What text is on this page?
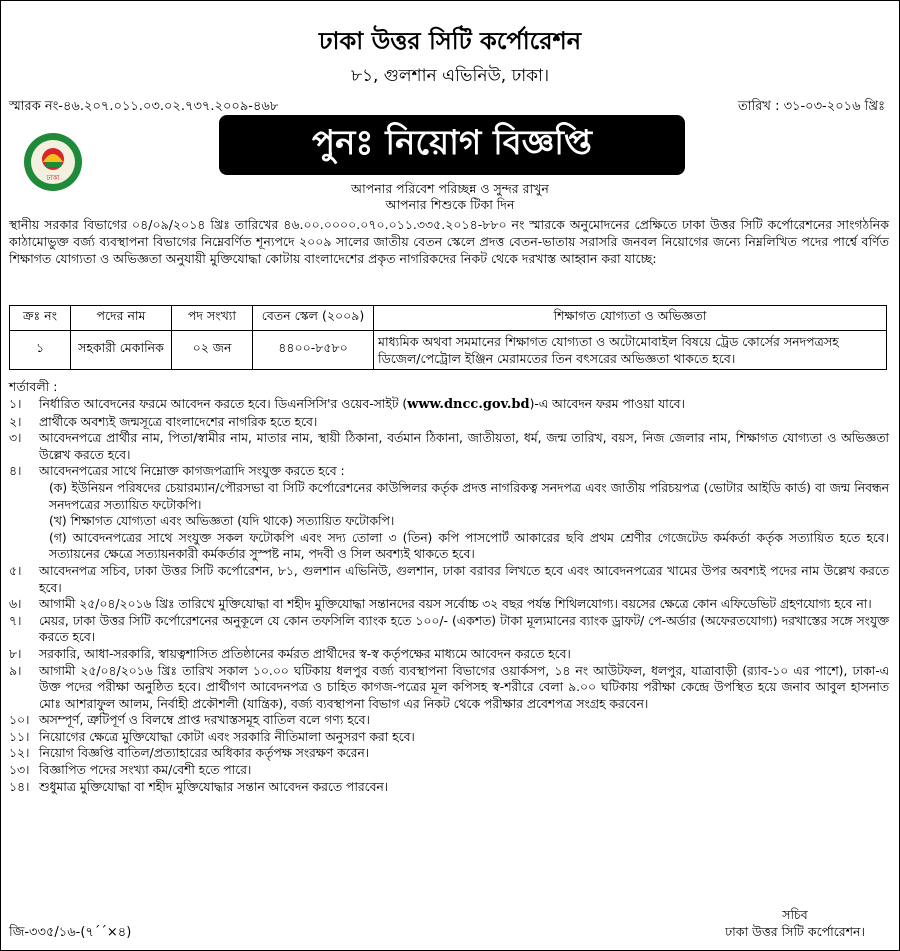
ঢাকা উত্তর সিটি কর্পোরেশন
৮১, গুলশান এভিনিউ, ঢাকা।
স্মারক নং-৪৬.২০৭.০১১.০৩.০২.৭৩৭.২০০৯-৪৬৮	তারিখ : ৩১-০৩-২০১৬ খ্রিঃ
ঢাকা
পুনঃ নিয়োগ বিজ্ঞপ্তি
আপনার পরিবেশ পরিচ্ছন্ন ও সুন্দর রাখুন
আপনার শিশুকে টিকা দিন

স্থানীয় সরকার বিভাগের ০৪/০৯/২০১৪ খ্রিঃ তারিখের ৪৬.০০.০০০০.০৭০.০১১.৩৩৫.২০১৪-৮৮০ নং স্মারকে অনুমোদনের প্রেক্ষিতে ঢাকা উত্তর সিটি কর্পোরেশনের সাংগঠনিক কাঠামোভুক্ত বর্জ্য ব্যবস্থাপনা বিভাগের নিম্নেবর্ণিত শূন্যপদে ২০০৯ সালের জাতীয় বেতন স্কেলে প্রদত্ত বেতন-ভাতায় সরাসরি জনবল নিয়োগের জন্যে নিম্নলিখিত পদের পার্শ্বে বর্ণিত শিক্ষাগত যোগ্যতা ও অভিজ্ঞতা অনুযায়ী মুক্তিযোদ্ধা কোটায় বাংলাদেশের প্রকৃত নাগরিকদের নিকট থেকে দরখাস্ত আহ্বান করা যাচ্ছে:

ক্রঃ নং	পদের নাম	পদ সংখ্যা	বেতন স্কেল (২০০৯)	শিক্ষাগত যোগ্যতা ও অভিজ্ঞতা
১	সহকারী মেকানিক	০২ জন	৪৪০০-৮৫৮০	মাধ্যমিক অথবা সমমানের শিক্ষাগত যোগ্যতা ও অটোমোবাইল বিষয়ে ট্রেড কোর্সের সনদপত্রসহ ডিজেল/পেট্রোল ইঞ্জিন মেরামতের তিন বৎসরের অভিজ্ঞতা থাকতে হবে।
শর্তাবলী :
১।	নির্ধারিত আবেদনের ফরমে আবেদন করতে হবে। ডিএনসিসি'র ওয়েব-সাইট (www.dncc.gov.bd)-এ আবেদন ফরম পাওয়া যাবে।
২।	প্রার্থীকে অবশ্যই জন্মসূত্রে বাংলাদেশের নাগরিক হতে হবে।
৩।	আবেদনপত্রে প্রার্থীর নাম, পিতা/স্বামীর নাম, মাতার নাম, স্থায়ী ঠিকানা, বর্তমান ঠিকানা, জাতীয়তা, ধর্ম, জন্ম তারিখ, বয়স, নিজ জেলার নাম, শিক্ষাগত যোগ্যতা ও অভিজ্ঞতা উল্লেখ করতে হবে।
৪।	আবেদনপত্রের সাথে নিম্নোক্ত কাগজপত্রাদি সংযুক্ত করতে হবে :
(ক) ইউনিয়ন পরিষদের চেয়ারম্যান/পৌরসভা বা সিটি কর্পোরেশনের কাউন্সিলর কর্তৃক প্রদত্ত নাগরিকত্ব সনদপত্র এবং জাতীয় পরিচয়পত্র (ভোটার আইডি কার্ড) বা জন্ম নিবন্ধন সনদপত্রের সত্যায়িত ফটোকপি।
(খ) শিক্ষাগত যোগ্যতা এবং অভিজ্ঞতা (যদি থাকে) সত্যায়িত ফটোকপি।
(গ) আবেদনপত্রের সাথে সংযুক্ত সকল ফটোকপি এবং সদ্য তোলা ৩ (তিন) কপি পাসপোর্ট আকারের ছবি প্রথম শ্রেণীর গেজেটেড কর্মকর্তা কর্তৃক সত্যায়িত হতে হবে। সত্যায়নের ক্ষেত্রে সত্যায়নকারী কর্মকর্তার সুস্পষ্ট নাম, পদবী ও সিল অবশ্যই থাকতে হবে।
৫।	আবেদনপত্র সচিব, ঢাকা উত্তর সিটি কর্পোরেশন, ৮১, গুলশান এভিনিউ, গুলশান, ঢাকা বরাবর লিখতে হবে এবং আবেদনপত্রের খামের উপর অবশ্যই পদের নাম উল্লেখ করতে হবে।
৬।	আগামী ২৫/০৪/২০১৬ খ্রিঃ তারিখে মুক্তিযোদ্ধা বা শহীদ মুক্তিযোদ্ধা সন্তানদের বয়স সর্বোচ্চ ৩২ বছর পর্যন্ত শিথিলযোগ্য। বয়সের ক্ষেত্রে কোন এফিডেভিট গ্রহণযোগ্য হবে না।
৭।	মেয়র, ঢাকা উত্তর সিটি কর্পোরেশনের অনুকূলে যে কোন তফসিলি ব্যাংক হতে ১০০/- (একশত) টাকা মূল্যমানের ব্যাংক ড্রাফট/ পে-অর্ডার (অফেরতযোগ্য) দরখাস্তের সঙ্গে সংযুক্ত করতে হবে।
৮।	সরকারি, আধা-সরকারি, স্বায়ত্বশাসিত প্রতিষ্ঠানের কর্মরত প্রার্থীদের স্ব-স্ব কর্তৃপক্ষের মাধ্যমে আবেদন করতে হবে।
৯।	আগামী ২৫/০৪/২০১৬ খ্রিঃ তারিখ সকাল ১০.০০ ঘটিকায় ধলপুর বর্জ্য ব্যবস্থাপনা বিভাগের ওয়ার্কসপ, ১৪ নং আউটফল, ধলপুর, যাত্রাবাড়ী (র‍্যাব-১০ এর পাশে), ঢাকা-এ উক্ত পদের পরীক্ষা অনুষ্ঠিত হবে। প্রার্থীগণ আবেদনপত্র ও চাহিত কাগজ-পত্রের মূল কপিসহ স্ব-শরীরে বেলা ৯.০০ ঘটিকায় পরীক্ষা কেন্দ্রে উপস্থিত হয়ে জনাব আবুল হাসনাত মোঃ আশরাফুল আলম, নির্বাহী প্রকৌশলী (যান্ত্রিক), বর্জ্য ব্যবস্থাপনা বিভাগ এর নিকট থেকে পরীক্ষার প্রবেশপত্র সংগ্রহ করবেন।
১০। অসম্পূর্ণ, ত্রুটিপূর্ণ ও বিলম্বে প্রাপ্ত দরখাস্তসমূহ বাতিল বলে গণ্য হবে।
১১। নিয়োগের ক্ষেত্রে মুক্তিযোদ্ধা কোটা এবং সরকারি নীতিমালা অনুসরণ করা হবে।
১২। নিয়োগ বিজ্ঞপ্তি বাতিল/প্রত্যাহারের অধিকার কর্তৃপক্ষ সংরক্ষণ করেন।
১৩। বিজ্ঞাপিত পদের সংখ্যা কম/বেশী হতে পারে।
১৪। শুধুমাত্র মুক্তিযোদ্ধা বা শহীদ মুক্তিযোদ্ধার সন্তান আবেদন করতে পারবেন।
জি-৩৩৫/১৬-(৭´´×৪)
সচিব
ঢাকা উত্তর সিটি কর্পোরেশন।
